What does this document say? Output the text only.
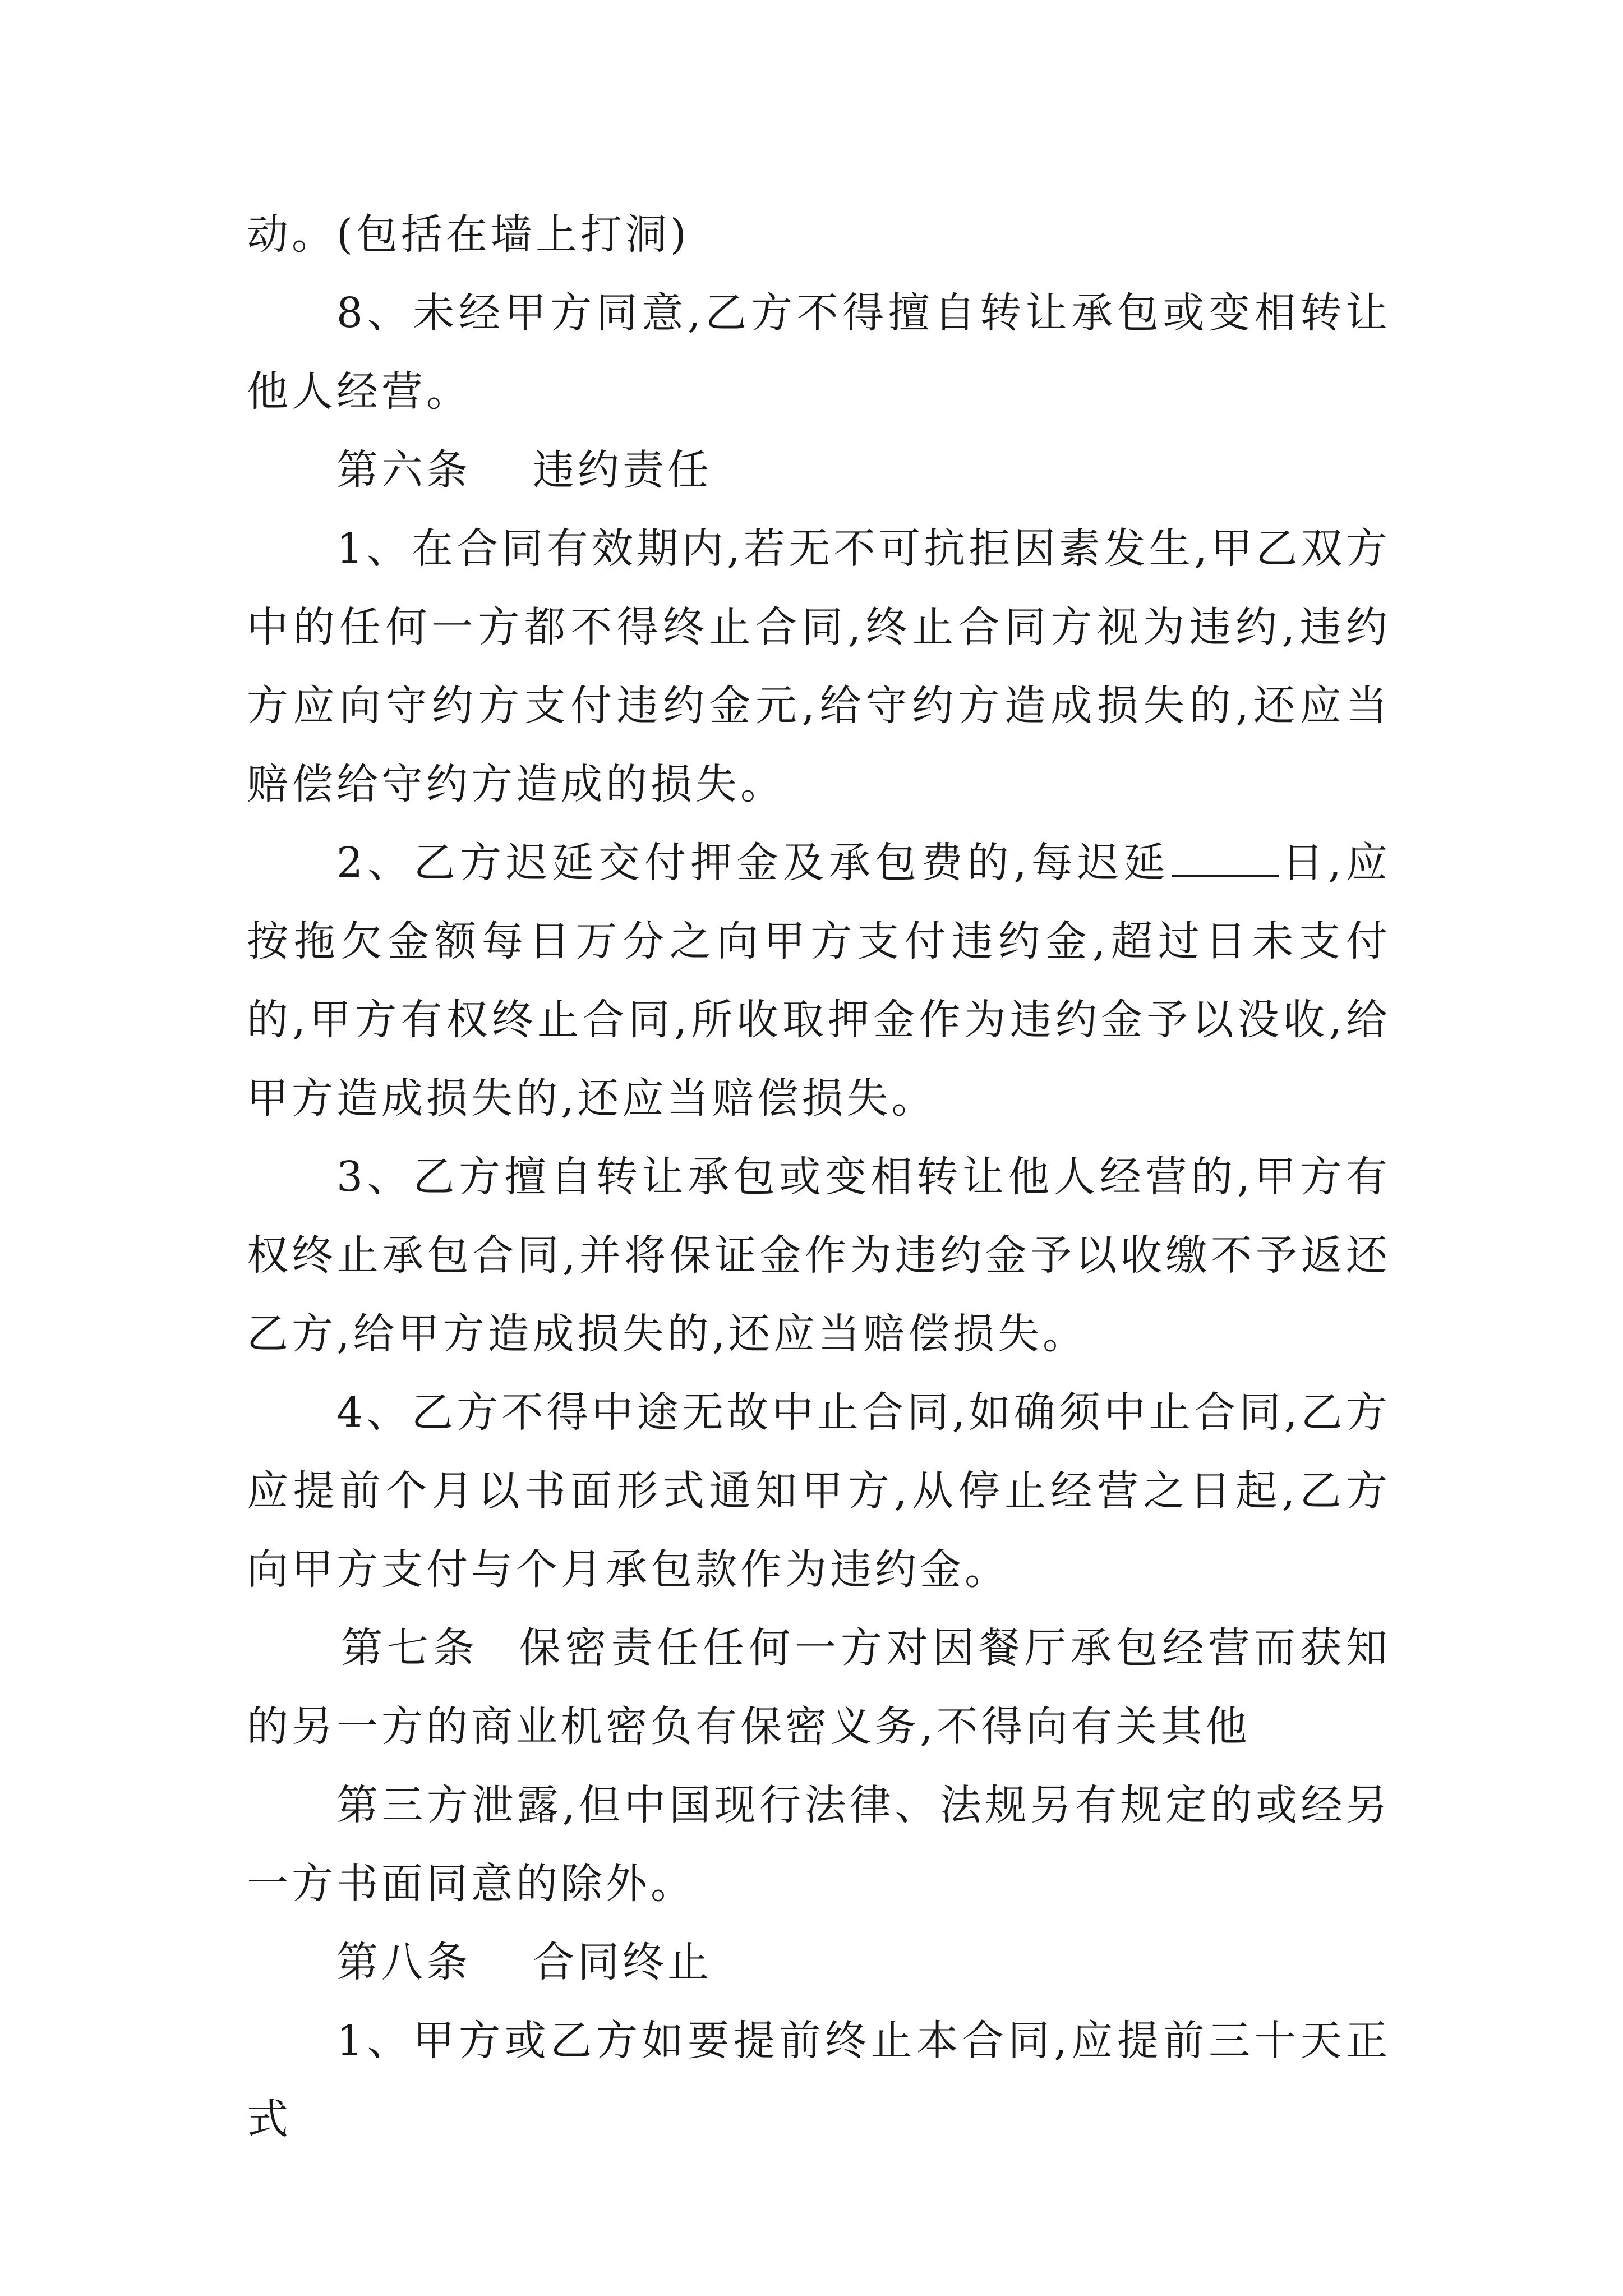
动。(包括在墙上打洞)

8、未经甲方同意,乙方不得擅自转让承包或变相转让他人经营。

第六条 违约责任

1、在合同有效期内,若无不可抗拒因素发生,甲乙双方中的任何一方都不得终止合同,终止合同方视为违约,违约方应向守约方支付违约金元,给守约方造成损失的,还应当赔偿给守约方造成的损失。

2、乙方迟延交付押金及承包费的,每迟延	日,应按拖欠金额每日万分之向甲方支付违约金,超过日未支付的,甲方有权终止合同,所收取押金作为违约金予以没收,给甲方造成损失的,还应当赔偿损失。

3、乙方擅自转让承包或变相转让他人经营的,甲方有权终止承包合同,并将保证金作为违约金予以收缴不予返还乙方,给甲方造成损失的,还应当赔偿损失。

4、乙方不得中途无故中止合同,如确须中止合同,乙方应提前个月以书面形式通知甲方,从停止经营之日起,乙方向甲方支付与个月承包款作为违约金。

第七条 保密责任任何一方对因餐厅承包经营而获知的另一方的商业机密负有保密义务,不得向有关其他

第三方泄露,但中国现行法律、法规另有规定的或经另一方书面同意的除外。

第八条 合同终止

1、甲方或乙方如要提前终止本合同,应提前三十天正式
